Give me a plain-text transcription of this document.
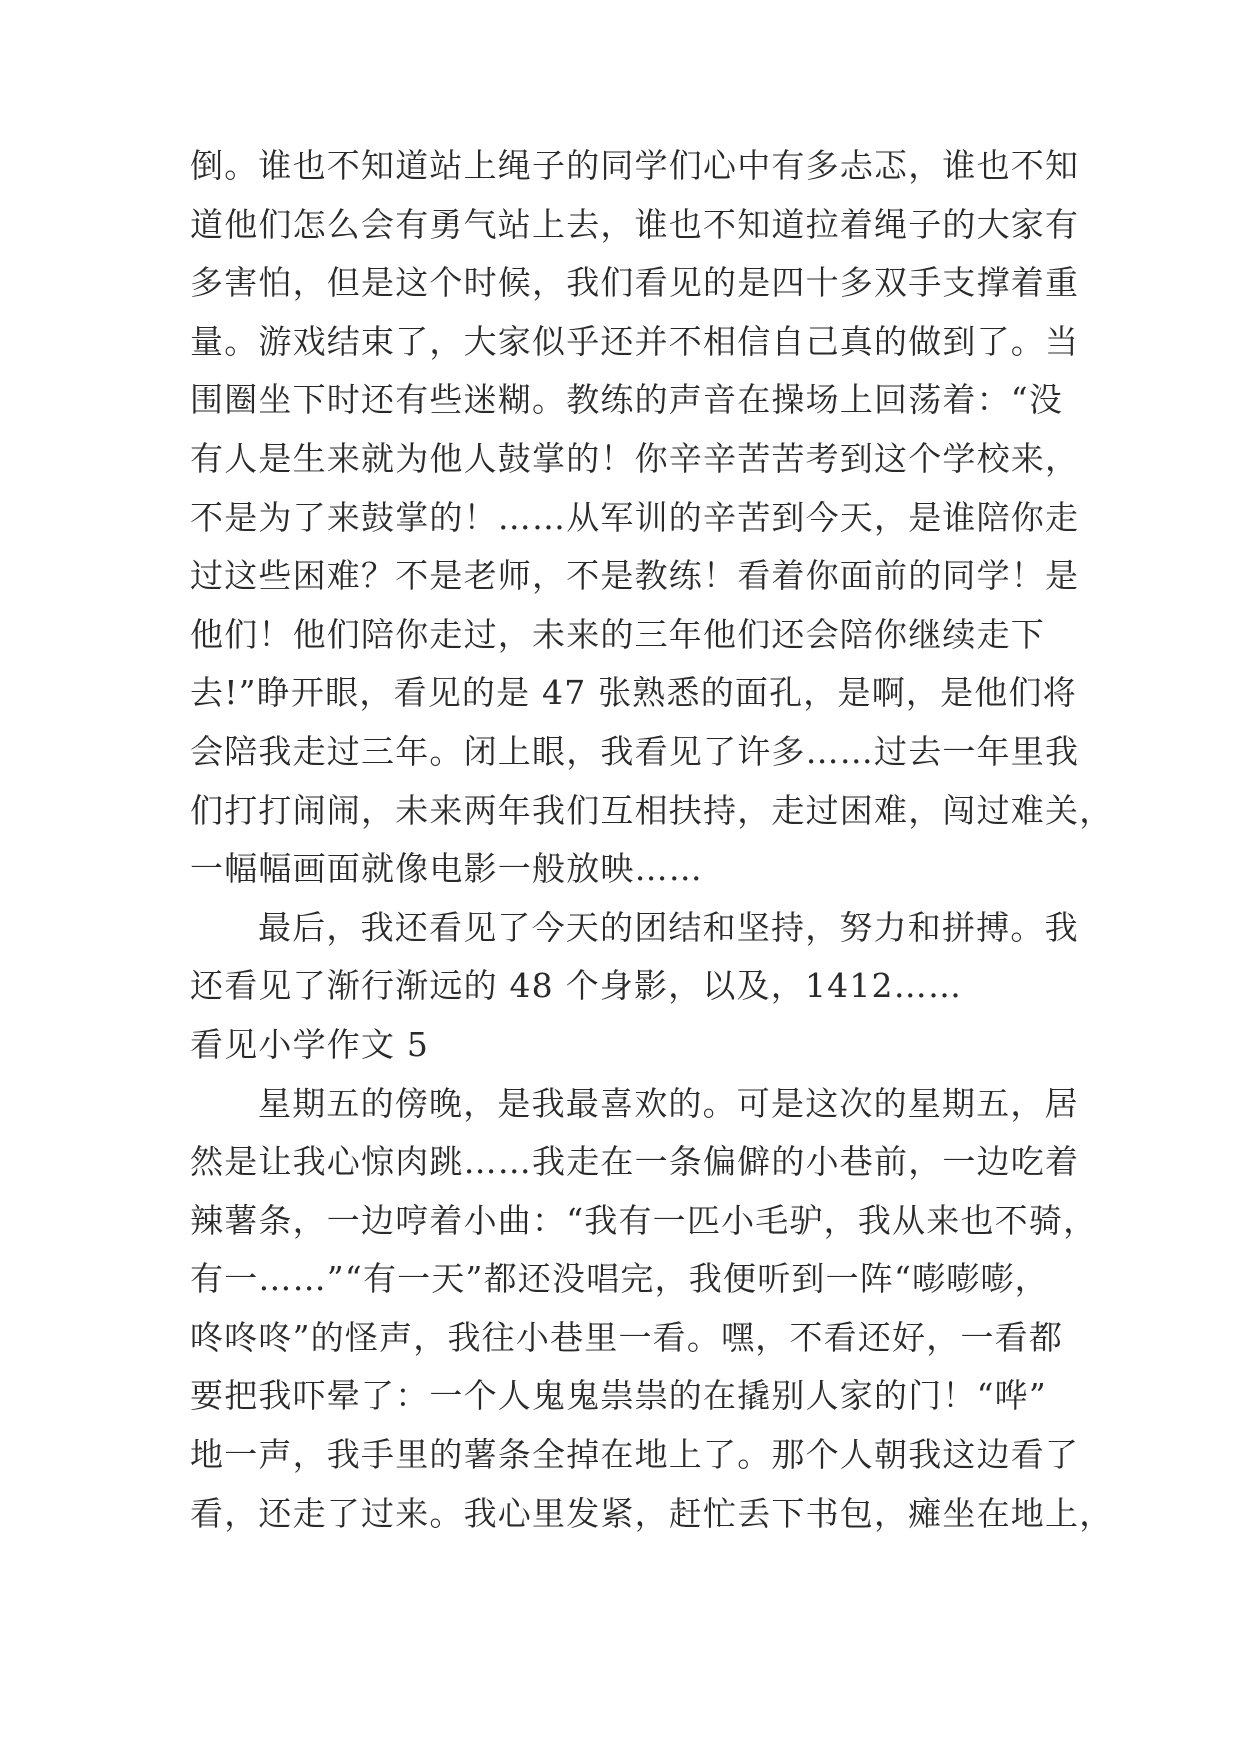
倒。谁也不知道站上绳子的同学们心中有多忐忑，谁也不知
道他们怎么会有勇气站上去，谁也不知道拉着绳子的大家有
多害怕，但是这个时候，我们看见的是四十多双手支撑着重
量。游戏结束了，大家似乎还并不相信自己真的做到了。当
围圈坐下时还有些迷糊。教练的声音在操场上回荡着：“没
有人是生来就为他人鼓掌的！你辛辛苦苦考到这个学校来，
不是为了来鼓掌的！……从军训的辛苦到今天，是谁陪你走
过这些困难？不是老师，不是教练！看着你面前的同学！是
他们！他们陪你走过，未来的三年他们还会陪你继续走下
去!”睁开眼，看见的是 47 张熟悉的面孔，是啊，是他们将
会陪我走过三年。闭上眼，我看见了许多……过去一年里我
们打打闹闹，未来两年我们互相扶持，走过困难，闯过难关，
一幅幅画面就像电影一般放映……
最后，我还看见了今天的团结和坚持，努力和拼搏。我
还看见了渐行渐远的 48 个身影，以及，1412……
看见小学作文 5
星期五的傍晚，是我最喜欢的。可是这次的星期五，居
然是让我心惊肉跳……我走在一条偏僻的小巷前，一边吃着
辣薯条，一边哼着小曲：“我有一匹小毛驴，我从来也不骑，
有一……”“有一天”都还没唱完，我便听到一阵“嘭嘭嘭，
咚咚咚”的怪声，我往小巷里一看。嘿，不看还好，一看都
要把我吓晕了：一个人鬼鬼祟祟的在撬别人家的门！“哗”
地一声，我手里的薯条全掉在地上了。那个人朝我这边看了
看，还走了过来。我心里发紧，赶忙丢下书包，瘫坐在地上，
